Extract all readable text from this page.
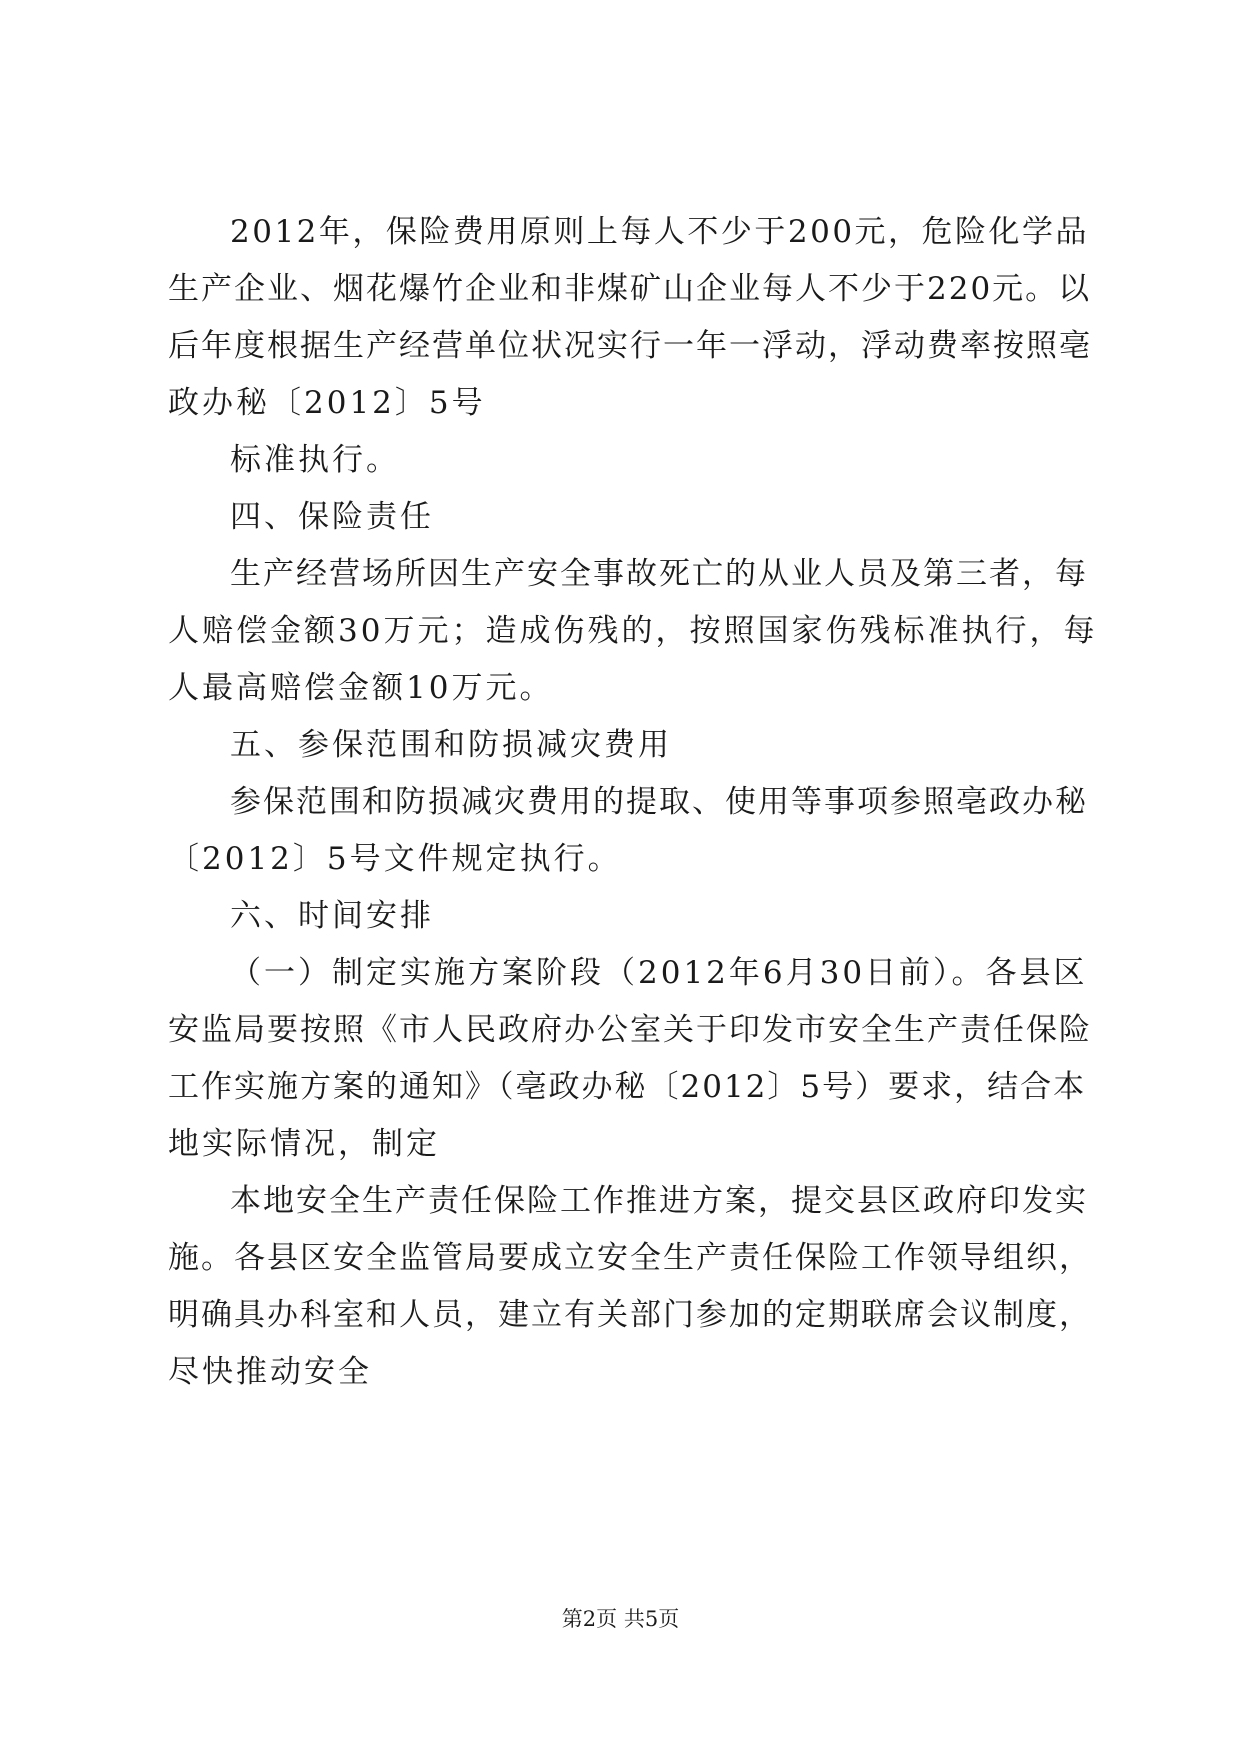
2012年，保险费用原则上每人不少于200元，危险化学品
生产企业、烟花爆竹企业和非煤矿山企业每人不少于220元。以
后年度根据生产经营单位状况实行一年一浮动，浮动费率按照亳
政办秘〔2012〕5号
标准执行。
四、保险责任
生产经营场所因生产安全事故死亡的从业人员及第三者，每
人赔偿金额30万元；造成伤残的，按照国家伤残标准执行，每
人最高赔偿金额10万元。
五、参保范围和防损减灾费用
参保范围和防损减灾费用的提取、使用等事项参照亳政办秘
〔2012〕5号文件规定执行。
六、时间安排
（一）制定实施方案阶段（2012年6月30日前）。各县区
安监局要按照《市人民政府办公室关于印发市安全生产责任保险
工作实施方案的通知》（亳政办秘〔2012〕5号）要求，结合本
地实际情况，制定
本地安全生产责任保险工作推进方案，提交县区政府印发实
施。各县区安全监管局要成立安全生产责任保险工作领导组织，
明确具办科室和人员，建立有关部门参加的定期联席会议制度，
尽快推动安全
第2页 共5页
